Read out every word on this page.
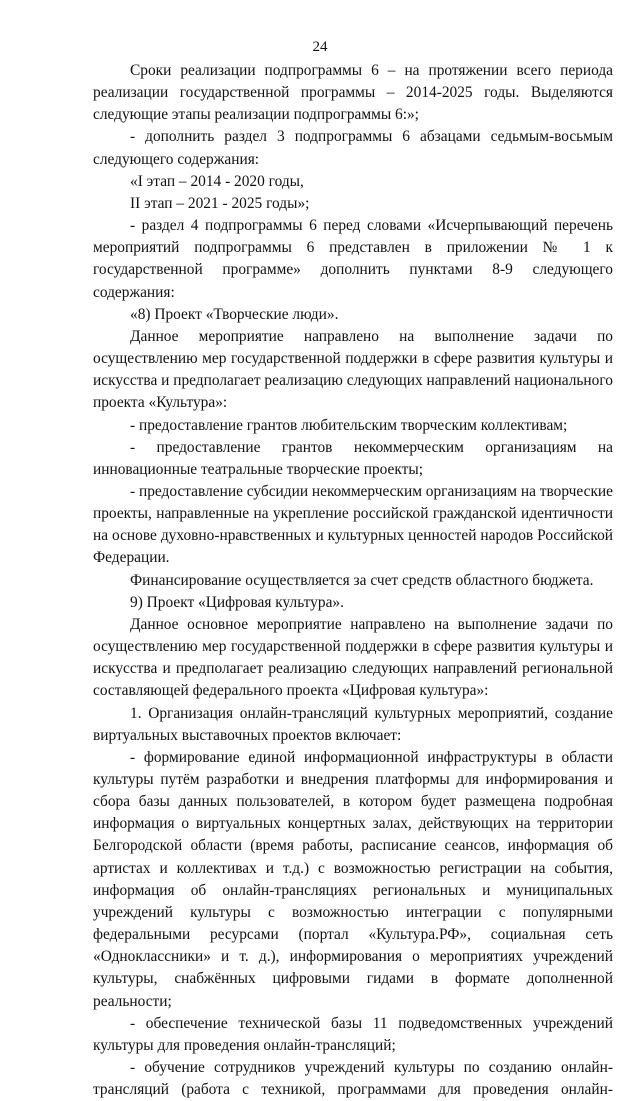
24

Сроки реализации подпрограммы 6 – на протяжении всего периода реализации государственной программы – 2014-2025 годы. Выделяются следующие этапы реализации подпрограммы 6:»;

- дополнить раздел 3 подпрограммы 6 абзацами седьмым-восьмым следующего содержания:

«I этап – 2014 - 2020 годы,

II этап – 2021 - 2025 годы»;

- раздел 4 подпрограммы 6 перед словами «Исчерпывающий перечень мероприятий подпрограммы 6 представлен в приложении № 1 к государственной программе» дополнить пунктами 8-9 следующего содержания:

«8) Проект «Творческие люди».

Данное мероприятие направлено на выполнение задачи по осуществлению мер государственной поддержки в сфере развития культуры и искусства и предполагает реализацию следующих направлений национального проекта «Культура»:

- предоставление грантов любительским творческим коллективам;

- предоставление грантов некоммерческим организациям на инновационные театральные творческие проекты;

- предоставление субсидии некоммерческим организациям на творческие проекты, направленные на укрепление российской гражданской идентичности на основе духовно-нравственных и культурных ценностей народов Российской Федерации.

Финансирование осуществляется за счет средств областного бюджета.

9) Проект «Цифровая культура».

Данное основное мероприятие направлено на выполнение задачи по осуществлению мер государственной поддержки в сфере развития культуры и искусства и предполагает реализацию следующих направлений региональной составляющей федерального проекта «Цифровая культура»:

1. Организация онлайн-трансляций культурных мероприятий, создание виртуальных выставочных проектов включает:

- формирование единой информационной инфраструктуры в области культуры путём разработки и внедрения платформы для информирования и сбора базы данных пользователей, в котором будет размещена подробная информация о виртуальных концертных залах, действующих на территории Белгородской области (время работы, расписание сеансов, информация об артистах и коллективах и т.д.) с возможностью регистрации на события, информация об онлайн-трансляциях региональных и муниципальных учреждений культуры с возможностью интеграции с популярными федеральными ресурсами (портал «Культура.РФ», социальная сеть «Одноклассники» и т. д.), информирования о мероприятиях учреждений культуры, снабжённых цифровыми гидами в формате дополненной реальности;

- обеспечение технической базы 11 подведомственных учреждений культуры для проведения онлайн-трансляций;

- обучение сотрудников учреждений культуры по созданию онлайн-трансляций (работа с техникой, программами для проведения онлайн-
